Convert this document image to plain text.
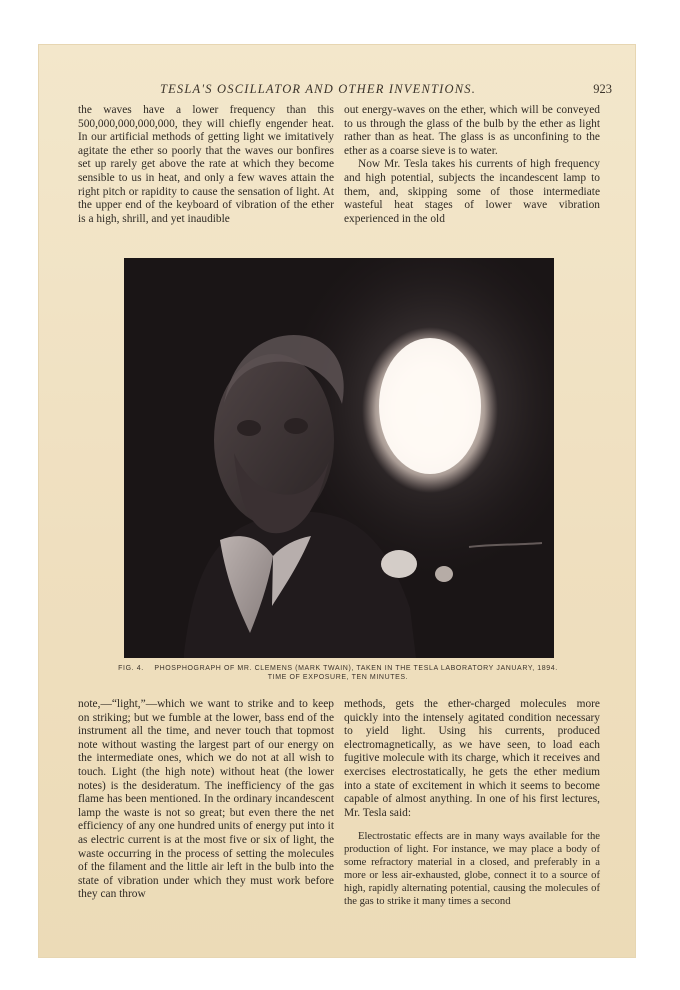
TESLA'S OSCILLATOR AND OTHER INVENTIONS.	923

the waves have a lower frequency than this 500,000,000,000,000, they will chiefly engender heat. In our artificial methods of getting light we imitatively agitate the ether so poorly that the waves our bonfires set up rarely get above the rate at which they become sensible to us in heat, and only a few waves attain the right pitch or rapidity to cause the sensation of light. At the upper end of the keyboard of vibration of the ether is a high, shrill, and yet inaudible

out energy-waves on the ether, which will be conveyed to us through the glass of the bulb by the ether as light rather than as heat. The glass is as unconfining to the ether as a coarse sieve is to water.

Now Mr. Tesla takes his currents of high frequency and high potential, subjects the incandescent lamp to them, and, skipping some of those intermediate wasteful heat stages of lower wave vibration experienced in the old

FIG. 4. PHOSPHOGRAPH OF MR. CLEMENS (MARK TWAIN), TAKEN IN THE TESLA LABORATORY JANUARY, 1894.
TIME OF EXPOSURE, TEN MINUTES.

note,—“light,”—which we want to strike and to keep on striking; but we fumble at the lower, bass end of the instrument all the time, and never touch that topmost note without wasting the largest part of our energy on the intermediate ones, which we do not at all wish to touch. Light (the high note) without heat (the lower notes) is the desideratum. The inefficiency of the gas flame has been mentioned. In the ordinary incandescent lamp the waste is not so great; but even there the net efficiency of any one hundred units of energy put into it as electric current is at the most five or six of light, the waste occurring in the process of setting the molecules of the filament and the little air left in the bulb into the state of vibration under which they must work before they can throw

methods, gets the ether-charged molecules more quickly into the intensely agitated condition necessary to yield light. Using his currents, produced electromagnetically, as we have seen, to load each fugitive molecule with its charge, which it receives and exercises electrostatically, he gets the ether medium into a state of excitement in which it seems to become capable of almost anything. In one of his first lectures, Mr. Tesla said:

Electrostatic effects are in many ways available for the production of light. For instance, we may place a body of some refractory material in a closed, and preferably in a more or less air-exhausted, globe, connect it to a source of high, rapidly alternating potential, causing the molecules of the gas to strike it many times a second
